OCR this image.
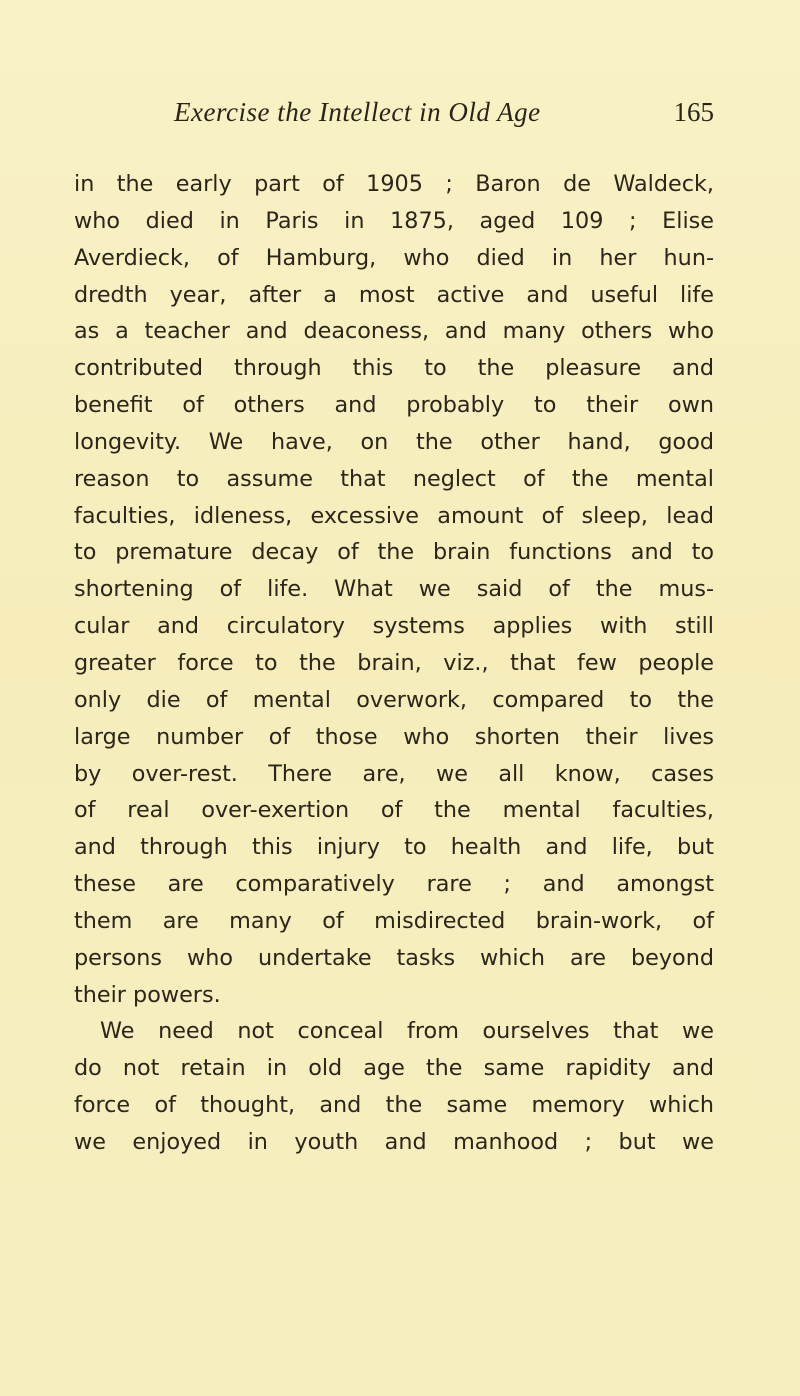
Exercise the Intellect in Old Age	165
in the early part of 1905 ; Baron de Waldeck,
who died in Paris in 1875, aged 109 ; Elise
Averdieck, of Hamburg, who died in her hun-
dredth year, after a most active and useful life
as a teacher and deaconess, and many others who
contributed through this to the pleasure and
benefit of others and probably to their own
longevity. We have, on the other hand, good
reason to assume that neglect of the mental
faculties, idleness, excessive amount of sleep, lead
to premature decay of the brain functions and to
shortening of life. What we said of the mus-
cular and circulatory systems applies with still
greater force to the brain, viz., that few people
only die of mental overwork, compared to the
large number of those who shorten their lives
by over-rest. There are, we all know, cases
of real over-exertion of the mental faculties,
and through this injury to health and life, but
these are comparatively rare ; and amongst
them are many of misdirected brain-work, of
persons who undertake tasks which are beyond
their powers.
We need not conceal from ourselves that we
do not retain in old age the same rapidity and
force of thought, and the same memory which
we enjoyed in youth and manhood ; but we
